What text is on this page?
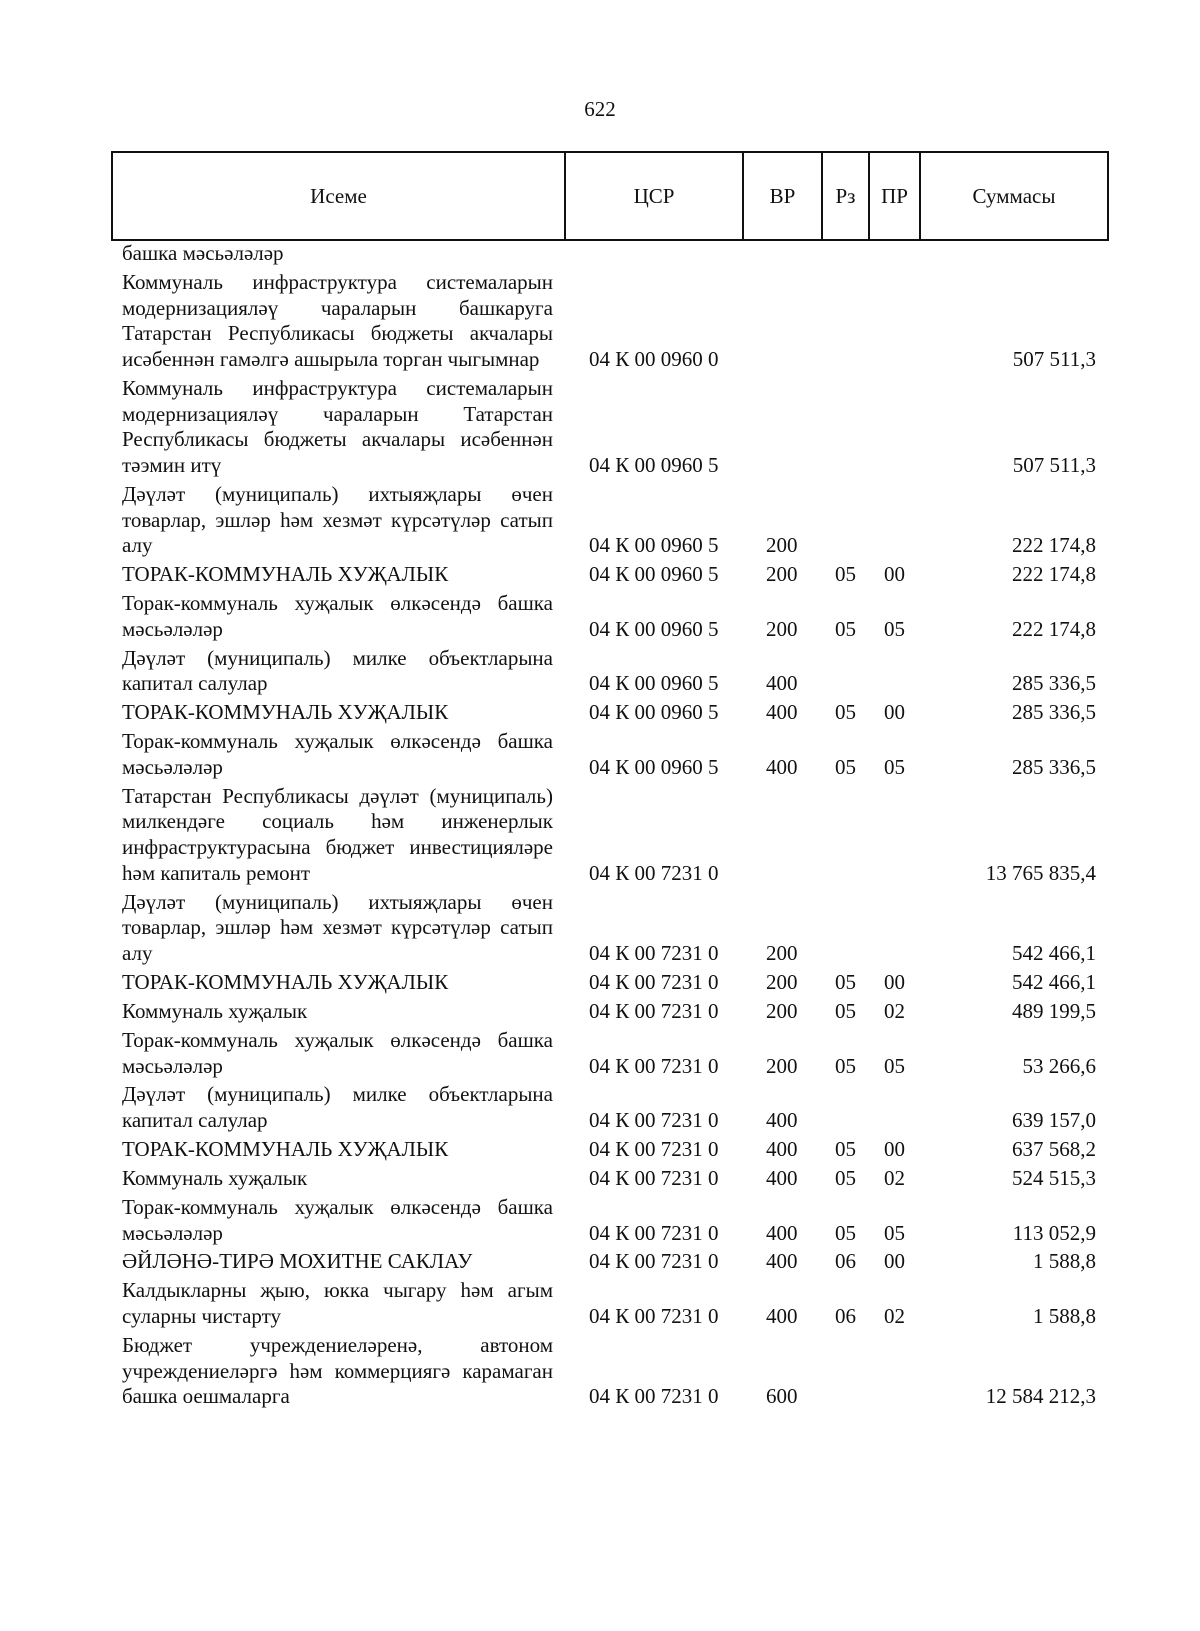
622
Исеме	ЦСР	ВР	Рз	ПР	Суммасы
башка мәсьәләләр					
Коммуналь инфраструктура системаларын модернизацияләү чараларын башкаруга Татарстан Республикасы бюджеты акчалары исәбеннән гамәлгә ашырыла торган чыгымнар	04 К 00 0960 0				507 511,3
Коммуналь инфраструктура системаларын модернизацияләү чараларын Татарстан Республикасы бюджеты акчалары исәбеннән тәэмин итү	04 К 00 0960 5				507 511,3
Дәүләт (муниципаль) ихтыяҗлары өчен товарлар, эшләр һәм хезмәт күрсәтүләр сатып алу	04 К 00 0960 5	200			222 174,8
ТОРАК-КОММУНАЛЬ ХУҖАЛЫК	04 К 00 0960 5	200	05	00	222 174,8
Торак-коммуналь хуҗалык өлкәсендә башка мәсьәләләр	04 К 00 0960 5	200	05	05	222 174,8
Дәүләт (муниципаль) милке объектларына капитал салулар	04 К 00 0960 5	400			285 336,5
ТОРАК-КОММУНАЛЬ ХУҖАЛЫК	04 К 00 0960 5	400	05	00	285 336,5
Торак-коммуналь хуҗалык өлкәсендә башка мәсьәләләр	04 К 00 0960 5	400	05	05	285 336,5
Татарстан Республикасы дәүләт (муниципаль) милкендәге социаль һәм инженерлык инфраструктурасына бюджет инвестицияләре һәм капиталь ремонт	04 К 00 7231 0				13 765 835,4
Дәүләт (муниципаль) ихтыяҗлары өчен товарлар, эшләр һәм хезмәт күрсәтүләр сатып алу	04 К 00 7231 0	200			542 466,1
ТОРАК-КОММУНАЛЬ ХУҖАЛЫК	04 К 00 7231 0	200	05	00	542 466,1
Коммуналь хуҗалык	04 К 00 7231 0	200	05	02	489 199,5
Торак-коммуналь хуҗалык өлкәсендә башка мәсьәләләр	04 К 00 7231 0	200	05	05	53 266,6
Дәүләт (муниципаль) милке объектларына капитал салулар	04 К 00 7231 0	400			639 157,0
ТОРАК-КОММУНАЛЬ ХУҖАЛЫК	04 К 00 7231 0	400	05	00	637 568,2
Коммуналь хуҗалык	04 К 00 7231 0	400	05	02	524 515,3
Торак-коммуналь хуҗалык өлкәсендә башка мәсьәләләр	04 К 00 7231 0	400	05	05	113 052,9
ӘЙЛӘНӘ-ТИРӘ МОХИТНЕ САКЛАУ	04 К 00 7231 0	400	06	00	1 588,8
Калдыкларны җыю, юкка чыгару һәм агым суларны чистарту	04 К 00 7231 0	400	06	02	1 588,8
Бюджет учреждениеләренә, автоном учреждениеләргә һәм коммерциягә карамаган башка оешмаларга	04 К 00 7231 0	600			12 584 212,3
